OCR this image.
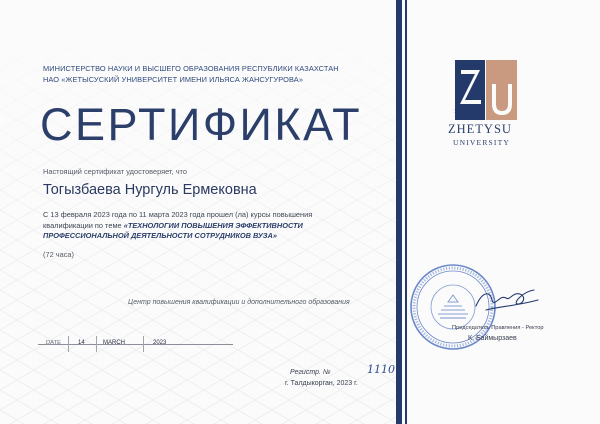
МИНИСТЕРСТВО НАУКИ И ВЫСШЕГО ОБРАЗОВАНИЯ РЕСПУБЛИКИ КАЗАХСТАН
НАО «ЖЕТЫСУСКИЙ УНИВЕРСИТЕТ ИМЕНИ ИЛЬЯСА ЖАНСУГУРОВА»
СЕРТИФИКАТ
Настоящий сертификат удостоверяет, что
Тогызбаева Нургуль Ермековна
С 13 февраля 2023 года по 11 марта 2023 года прошел (ла) курсы повышения квалификации по теме «ТЕХНОЛОГИИ ПОВЫШЕНИЯ ЭФФЕКТИВНОСТИ ПРОФЕССИОНАЛЬНОЙ ДЕЯТЕЛЬНОСТИ СОТРУДНИКОВ ВУЗА»
(72 часа)
Центр повышения квалификации и дополнительного образования
DATE	14	MARCH	2023
Регистр. №	1110
г. Талдыкорган, 2023 г.
1972
ZHETYSU
UNIVERSITY
Председатель Правления - Ректор
К. Баймырзаев
